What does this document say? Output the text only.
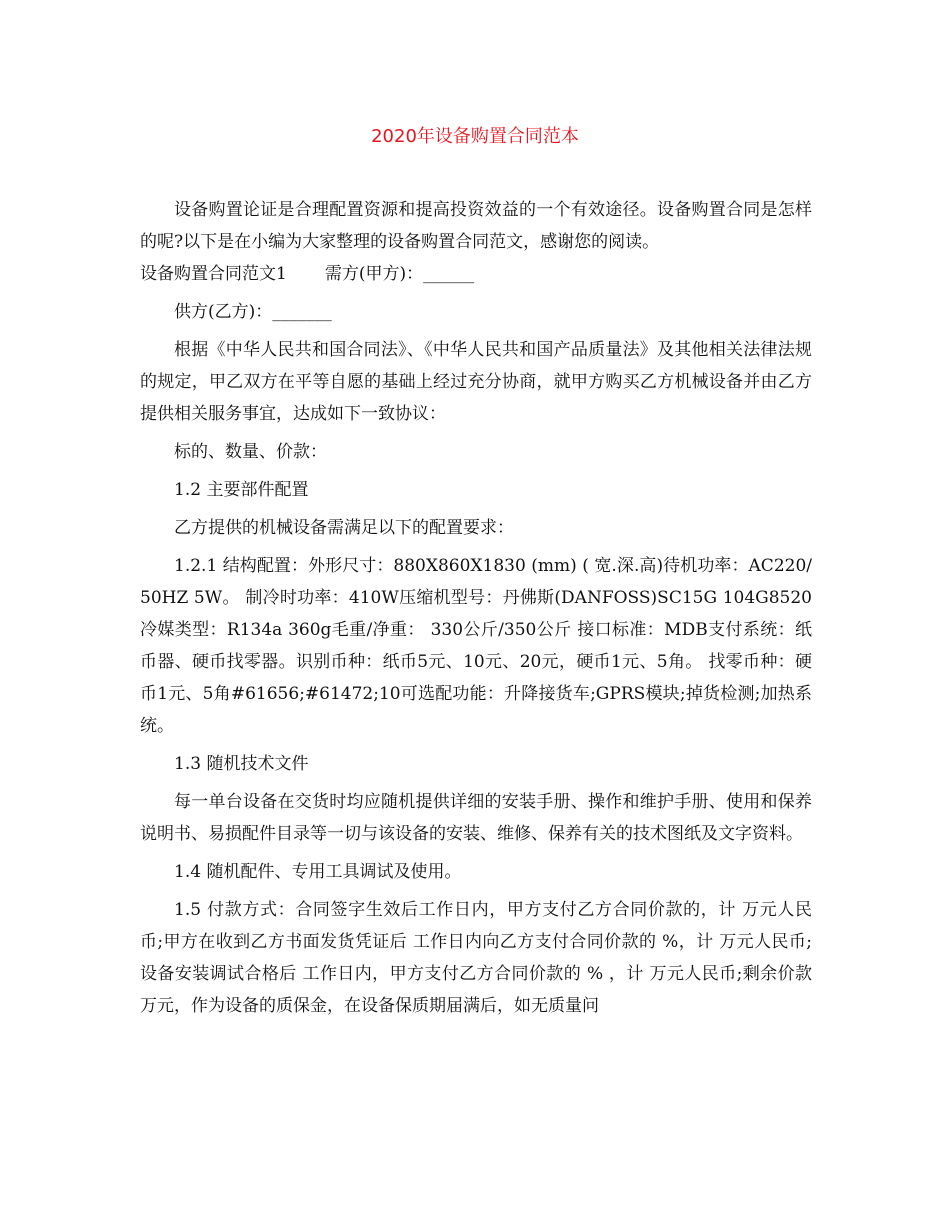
2020年设备购置合同范本

设备购置论证是合理配置资源和提高投资效益的一个有效途径。设备购置合同是怎样的呢?以下是在小编为大家整理的设备购置合同范文，感谢您的阅读。

设备购置合同范文1 需方(甲方)：______

供方(乙方)：_______

根据《中华人民共和国合同法》、《中华人民共和国产品质量法》及其他相关法律法规的规定，甲乙双方在平等自愿的基础上经过充分协商，就甲方购买乙方机械设备并由乙方提供相关服务事宜，达成如下一致协议：

标的、数量、价款：

1.2 主要部件配置

乙方提供的机械设备需满足以下的配置要求：

1.2.1 结构配置：外形尺寸：880X860X1830 (mm) ( 宽.深.高)待机功率：AC220/50HZ 5W。 制冷时功率：410W压缩机型号：丹佛斯(DANFOSS)SC15G 104G8520冷媒类型：R134a 360g毛重/净重： 330公斤/350公斤 接口标准：MDB支付系统：纸币器、硬币找零器。识别币种：纸币5元、10元、20元，硬币1元、5角。 找零币种：硬币1元、5角#61656;#61472;10可选配功能：升降接货车;GPRS模块;掉货检测;加热系统。

1.3 随机技术文件

每一单台设备在交货时均应随机提供详细的安装手册、操作和维护手册、使用和保养说明书、易损配件目录等一切与该设备的安装、维修、保养有关的技术图纸及文字资料。

1.4 随机配件、专用工具调试及使用。

1.5 付款方式：合同签字生效后工作日内，甲方支付乙方合同价款的，计 万元人民币;甲方在收到乙方书面发货凭证后 工作日内向乙方支付合同价款的 %，计 万元人民币;设备安装调试合格后 工作日内，甲方支付乙方合同价款的 % ，计 万元人民币;剩余价款 万元，作为设备的质保金，在设备保质期届满后，如无质量问
